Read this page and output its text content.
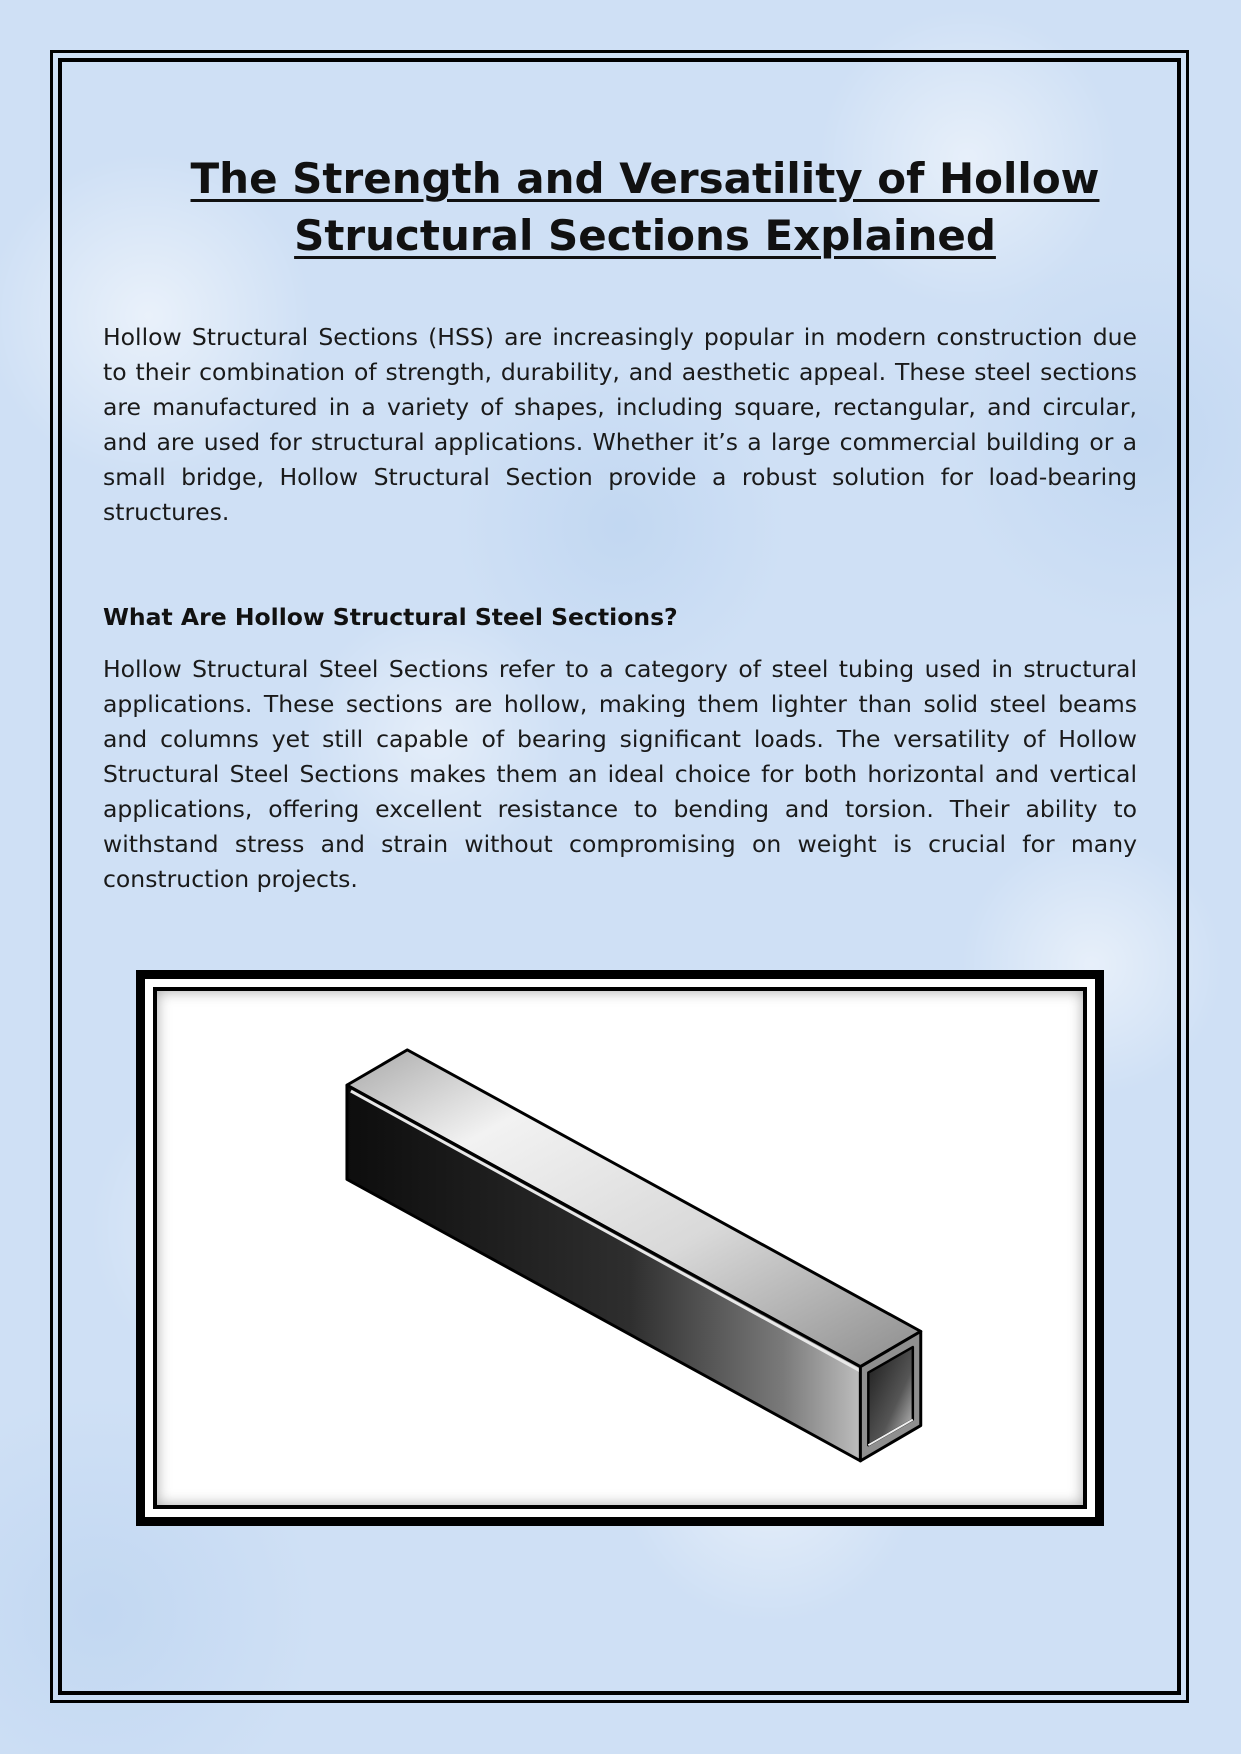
The Strength and Versatility of Hollow Structural Sections Explained

Hollow Structural Sections (HSS) are increasingly popular in modern construction due to their combination of strength, durability, and aesthetic appeal. These steel sections are manufactured in a variety of shapes, including square, rectangular, and circular, and are used for structural applications. Whether it’s a large commercial building or a small bridge, Hollow Structural Section provide a robust solution for load-bearing structures.

What Are Hollow Structural Steel Sections?

Hollow Structural Steel Sections refer to a category of steel tubing used in structural applications. These sections are hollow, making them lighter than solid steel beams and columns yet still capable of bearing significant loads. The versatility of Hollow Structural Steel Sections makes them an ideal choice for both horizontal and vertical applications, offering excellent resistance to bending and torsion. Their ability to withstand stress and strain without compromising on weight is crucial for many construction projects.
